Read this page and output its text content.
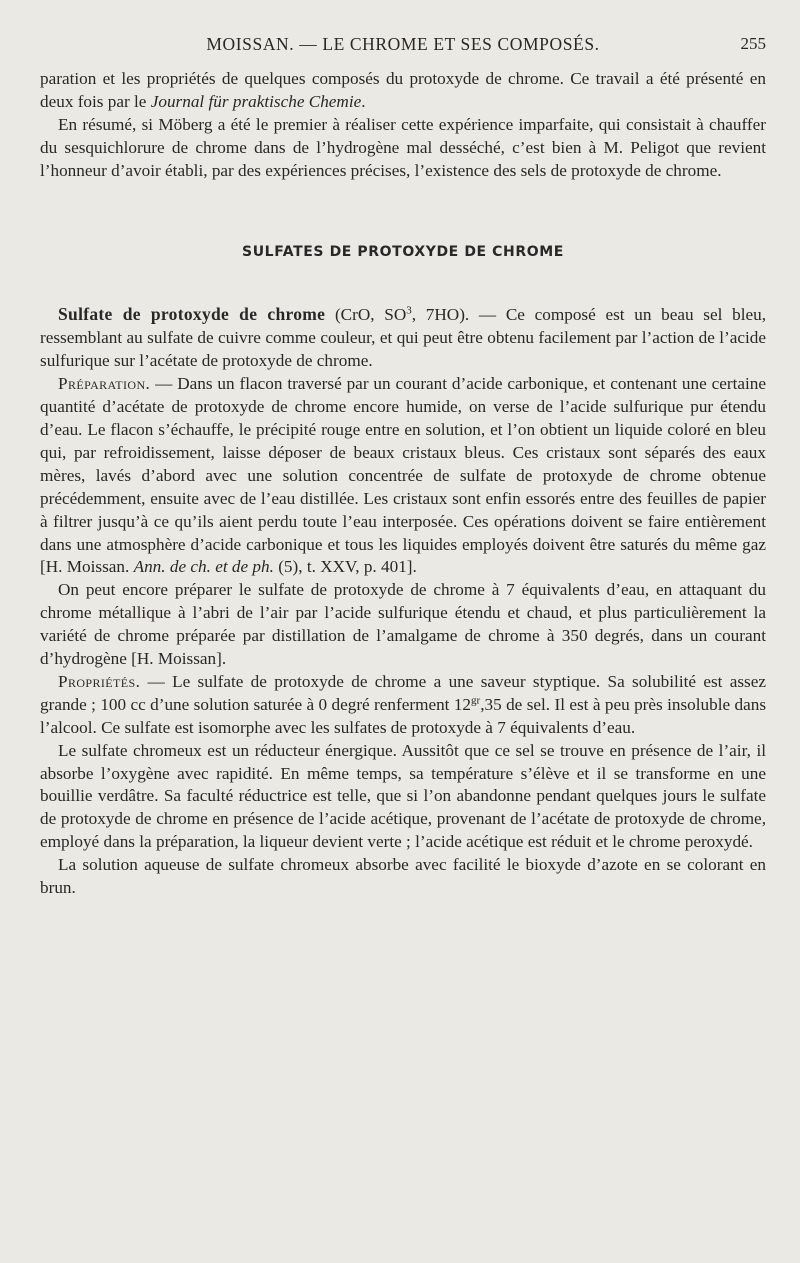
MOISSAN. — LE CHROME ET SES COMPOSÉS.	255

paration et les propriétés de quelques composés du protoxyde de chrome. Ce travail a été présenté en deux fois par le Journal für praktische Chemie.

En résumé, si Möberg a été le premier à réaliser cette expérience imparfaite, qui consistait à chauffer du sesquichlorure de chrome dans de l’hydrogène mal desséché, c’est bien à M. Peligot que revient l’honneur d’avoir établi, par des expériences précises, l’existence des sels de protoxyde de chrome.

SULFATES DE PROTOXYDE DE CHROME

Sulfate de protoxyde de chrome (CrO, $SO^3$, 7HO). — Ce composé est un beau sel bleu, ressemblant au sulfate de cuivre comme couleur, et qui peut être obtenu facilement par l’action de l’acide sulfurique sur l’acétate de protoxyde de chrome.

Préparation. — Dans un flacon traversé par un courant d’acide carbonique, et contenant une certaine quantité d’acétate de protoxyde de chrome encore humide, on verse de l’acide sulfurique pur étendu d’eau. Le flacon s’échauffe, le précipité rouge entre en solution, et l’on obtient un liquide coloré en bleu qui, par refroidissement, laisse déposer de beaux cristaux bleus. Ces cristaux sont séparés des eaux mères, lavés d’abord avec une solution concentrée de sulfate de protoxyde de chrome obtenue précédemment, ensuite avec de l’eau distillée. Les cristaux sont enfin essorés entre des feuilles de papier à filtrer jusqu’à ce qu’ils aient perdu toute l’eau interposée. Ces opérations doivent se faire entièrement dans une atmosphère d’acide carbonique et tous les liquides employés doivent être saturés du même gaz [H. Moissan. Ann. de ch. et de ph. (5), t. XXV, p. 401].

On peut encore préparer le sulfate de protoxyde de chrome à 7 équivalents d’eau, en attaquant du chrome métallique à l’abri de l’air par l’acide sulfurique étendu et chaud, et plus particulièrement la variété de chrome préparée par distillation de l’amalgame de chrome à 350 degrés, dans un courant d’hydrogène [H. Moissan].

Propriétés. — Le sulfate de protoxyde de chrome a une saveur styptique. Sa solubilité est assez grande ; 100 cc d’une solution saturée à 0 degré renferment $12^{gr},35$ de sel. Il est à peu près insoluble dans l’alcool. Ce sulfate est isomorphe avec les sulfates de protoxyde à 7 équivalents d’eau.

Le sulfate chromeux est un réducteur énergique. Aussitôt que ce sel se trouve en présence de l’air, il absorbe l’oxygène avec rapidité. En même temps, sa température s’élève et il se transforme en une bouillie verdâtre. Sa faculté réductrice est telle, que si l’on abandonne pendant quelques jours le sulfate de protoxyde de chrome en présence de l’acide acétique, provenant de l’acétate de protoxyde de chrome, employé dans la préparation, la liqueur devient verte ; l’acide acétique est réduit et le chrome peroxydé.

La solution aqueuse de sulfate chromeux absorbe avec facilité le bioxyde d’azote en se colorant en brun.
